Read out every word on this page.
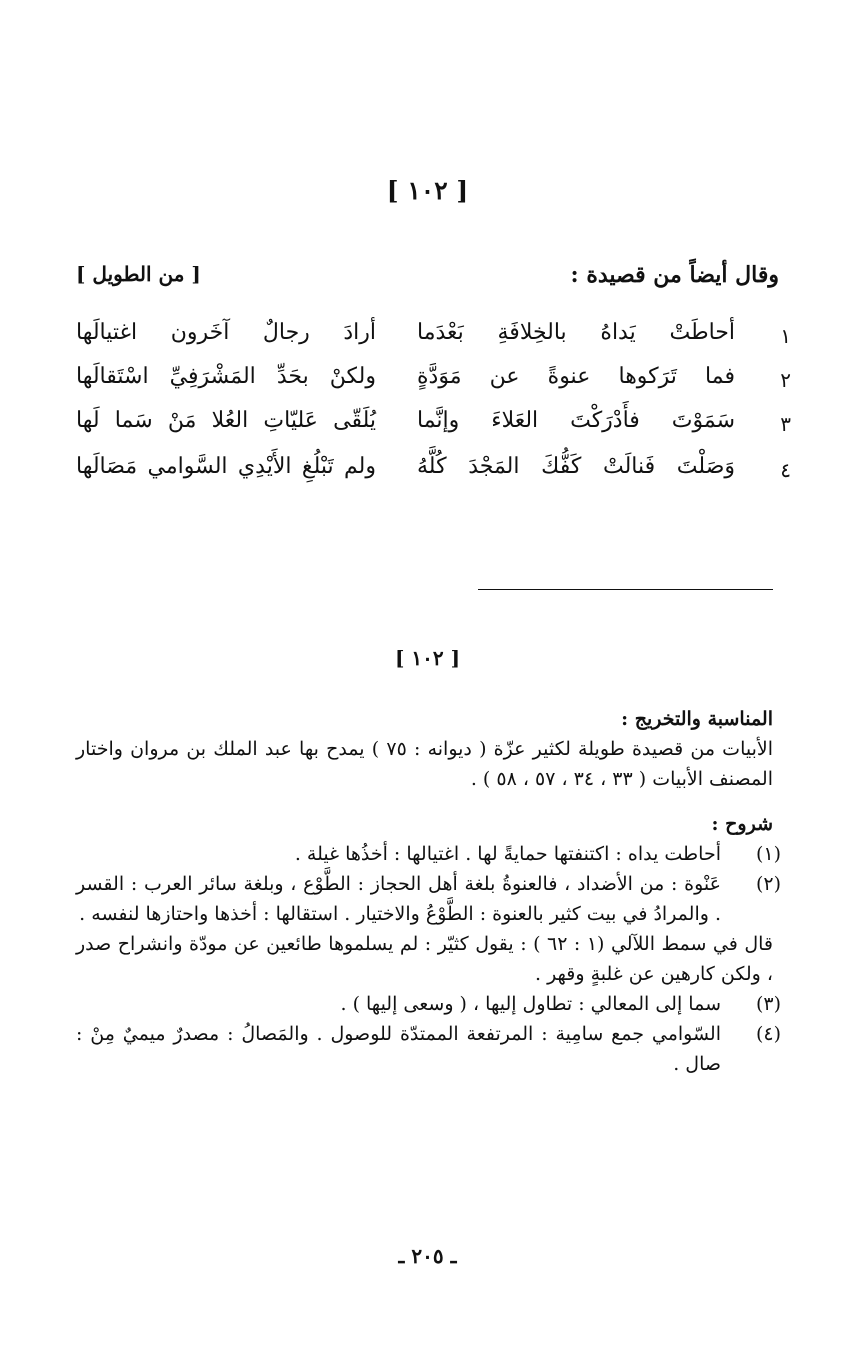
[ ١٠٢ ]
وقال أيضاً من قصيدة :
[ من الطويل ]
١
أحاطَتْ يَداهُ بالخِلافَةِ بَعْدَما
أرادَ رجالٌ آخَرون اغتيالَها
٢
فما تَرَكوها عنوةً عن مَوَدَّةٍ
ولكنْ بحَدِّ المَشْرَفِيِّ اسْتَقالَها
٣
سَمَوْتَ فأَدْرَكْتَ العَلاءَ وإنَّما
يُلَقّى عَليّاتِ العُلا مَنْ سَما لَها
٤
وَصَلْتَ فَنالَتْ كَفُّكَ المَجْدَ كُلَّهُ
ولم تَبْلُغِ الأَيْدِي السَّوامي مَصَالَها
[ ١٠٢ ]

المناسبة والتخريج :

الأبيات من قصيدة طويلة لكثير عزّة ( ديوانه : ٧٥ ) يمدح بها عبد الملك بن مروان واختار المصنف الأبيات ( ٣٣ ، ٣٤ ، ٥٧ ، ٥٨ ) .

شروح :

(١)
أحاطت يداه : اكتنفتها حمايةً لها . اغتيالها : أخذُها غيلة .
(٢)
عَنْوة : من الأضداد ، فالعنوةُ بلغة أهل الحجاز : الطَّوْع ، وبلغة سائر العرب : القسر . والمرادُ في بيت كثير بالعنوة : الطَّوْعُ والاختيار . استقالها : أخذها واحتازها لنفسه .
قال في سمط اللآلي (١ : ٦٢ ) : يقول كثيّر : لم يسلموها طائعين عن مودّة وانشراح صدر ، ولكن كارهين عن غلبةٍ وقهر .
(٣)
سما إلى المعالي : تطاول إليها ، ( وسعى إليها ) .
(٤)
السّوامي جمع سامِية : المرتفعة الممتدّة للوصول . والمَصالُ : مصدرٌ ميميٌ مِنْ : صال .
ـ ٢٠٥ ـ
